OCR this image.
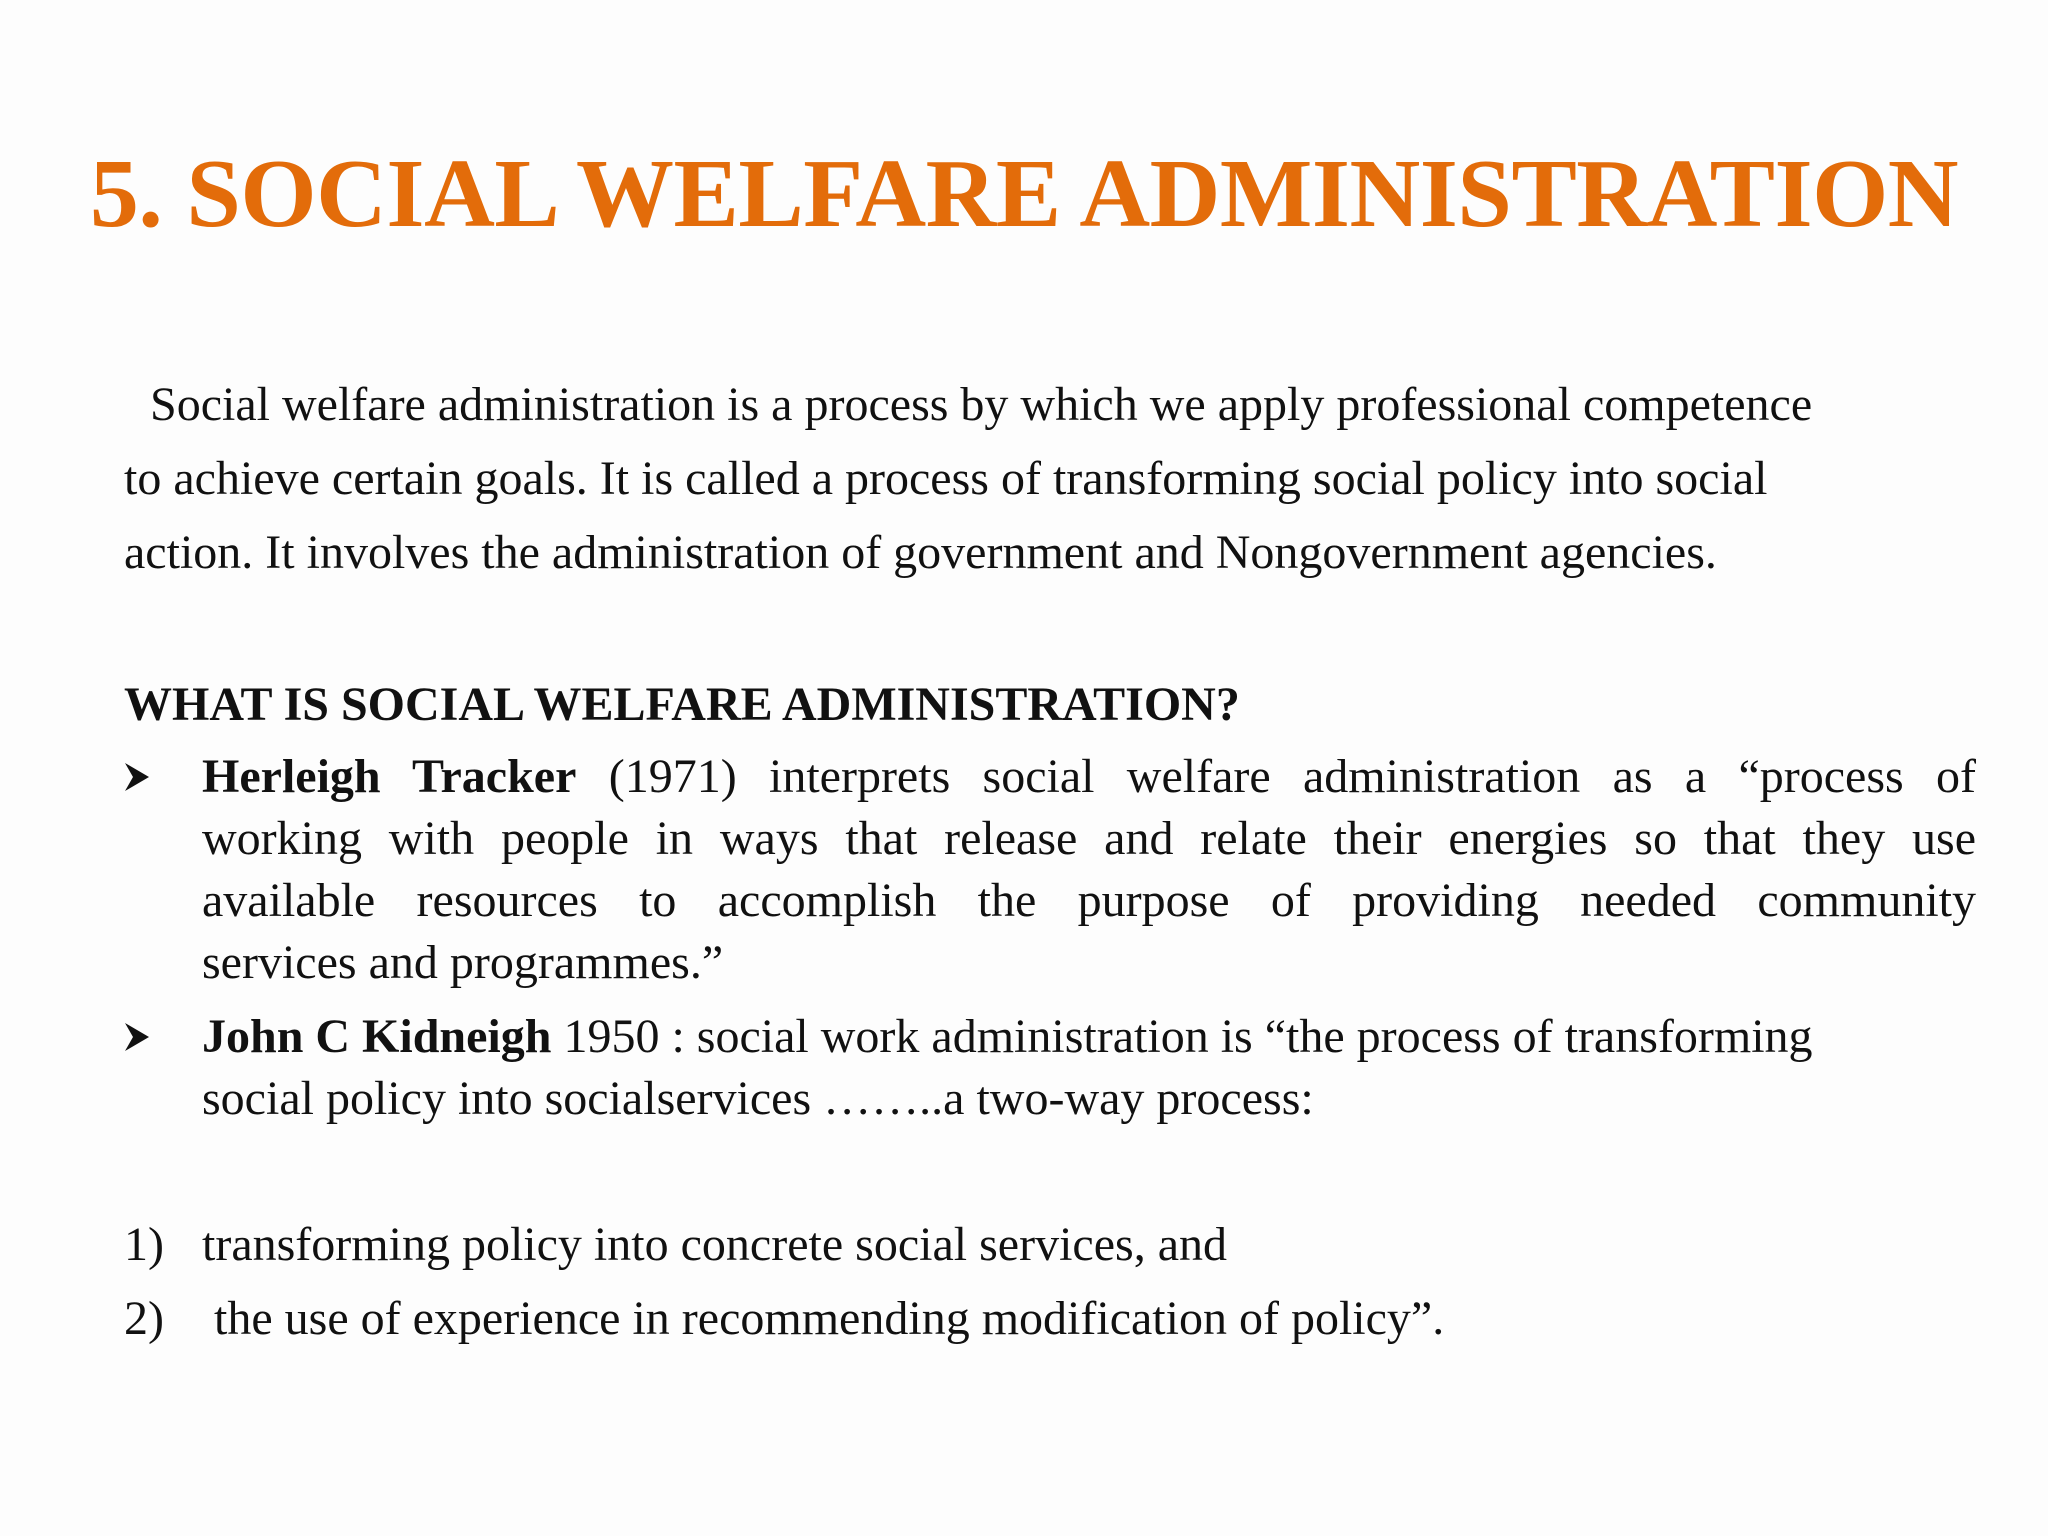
5. SOCIAL WELFARE ADMINISTRATION
Social welfare administration is a process by which we apply professional competence
to achieve certain goals. It is called a process of transforming social policy into social
action. It involves the administration of government and Nongovernment agencies.
WHAT IS SOCIAL WELFARE ADMINISTRATION?
Herleigh Tracker (1971) interprets social welfare administration as a “process of
working with people in ways that release and relate their energies so that they use
available resources to accomplish the purpose of providing needed community
services and programmes.”
John C Kidneigh 1950 : social work administration is “the process of transforming
social policy into socialservices ……..a two-way process:
1) transforming policy into concrete social services, and
2) the use of experience in recommending modification of policy”.
